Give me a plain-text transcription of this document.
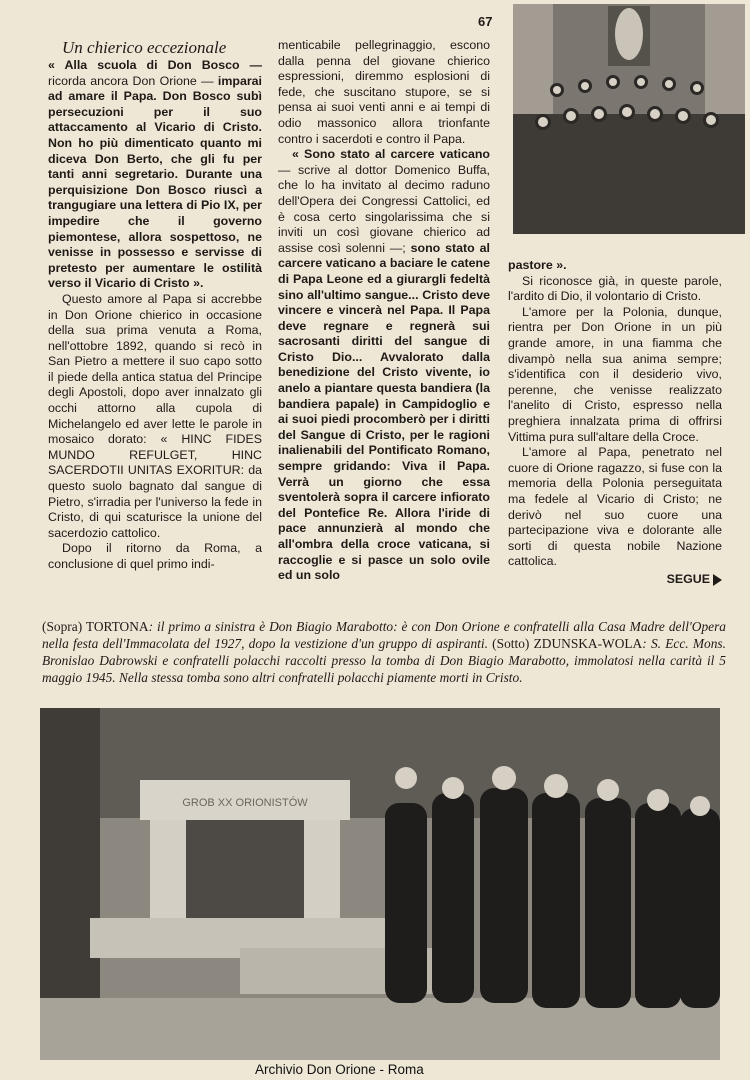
67

Un chierico eccezionale

« Alla scuola di Don Bosco — ricorda ancora Don Orione — imparai ad amare il Papa. Don Bosco subì persecuzioni per il suo attaccamento al Vicario di Cristo. Non ho più dimenticato quanto mi diceva Don Berto, che gli fu per tanti anni segretario. Durante una perquisizione Don Bosco riuscì a trangugiare una lettera di Pio IX, per impedire che il governo piemontese, allora sospettoso, ne venisse in possesso e servisse di pretesto per aumentare le ostilità verso il Vicario di Cristo ».

Questo amore al Papa si accrebbe in Don Orione chierico in occasione della sua prima venuta a Roma, nell'ottobre 1892, quando si recò in San Pietro a mettere il suo capo sotto il piede della antica statua del Principe degli Apostoli, dopo aver innalzato gli occhi attorno alla cupola di Michelangelo ed aver lette le parole in mosaico dorato: « HINC FIDES MUNDO REFULGET, HINC SACERDOTII UNITAS EXORITUR: da questo suolo bagnato dal sangue di Pietro, s'irradia per l'universo la fede in Cristo, di qui scaturisce la unione del sacerdozio cattolico.

Dopo il ritorno da Roma, a conclusione di quel primo indi-

menticabile pellegrinaggio, escono dalla penna del giovane chierico espressioni, diremmo esplosioni di fede, che suscitano stupore, se si pensa ai suoi venti anni e ai tempi di odio massonico allora trionfante contro i sacerdoti e contro il Papa.

« Sono stato al carcere vaticano — scrive al dottor Domenico Buffa, che lo ha invitato al decimo raduno dell'Opera dei Congressi Cattolici, ed è cosa certo singolarissima che si inviti un così giovane chierico ad assise così solenni —; sono stato al carcere vaticano a baciare le catene di Papa Leone ed a giurargli fedeltà sino all'ultimo sangue... Cristo deve vincere e vincerà nel Papa. Il Papa deve regnare e regnerà sui sacrosanti diritti del sangue di Cristo Dio... Avvalorato dalla benedizione del Cristo vivente, io anelo a piantare questa bandiera (la bandiera papale) in Campidoglio e ai suoi piedi procomberò per i diritti del Sangue di Cristo, per le ragioni inalienabili del Pontificato Romano, sempre gridando: Viva il Papa. Verrà un giorno che essa sventolerà sopra il carcere infiorato del Pontefice Re. Allora l'iride di pace annunzierà al mondo che all'ombra della croce vaticana, si raccoglie e si pasce un solo ovile ed un solo

pastore ».

Si riconosce già, in queste parole, l'ardito di Dio, il volontario di Cristo.

L'amore per la Polonia, dunque, rientra per Don Orione in un più grande amore, in una fiamma che divampò nella sua anima sempre; s'identifica con il desiderio vivo, perenne, che venisse realizzato l'anelito di Cristo, espresso nella preghiera innalzata prima di offrirsi Vittima pura sull'altare della Croce.

L'amore al Papa, penetrato nel cuore di Orione ragazzo, si fuse con la memoria della Polonia perseguitata ma fedele al Vicario di Cristo; ne derivò nel suo cuore una partecipazione viva e dolorante alle sorti di questa nobile Nazione cattolica.

SEGUE
(Sopra) TORTONA: il primo a sinistra è Don Biagio Marabotto: è con Don Orione e confratelli alla Casa Madre dell'Opera nella festa dell'Immacolata del 1927, dopo la vestizione d'un gruppo di aspiranti. (Sotto) ZDUNSKA-WOLA: S. Ecc. Mons. Bronislao Dabrowski e confratelli polacchi raccolti presso la tomba di Don Biagio Marabotto, immolatosi nella carità il 5 maggio 1945. Nella stessa tomba sono altri confratelli polacchi piamente morti in Cristo.
GROB XX ORIONISTÓW
Archivio Don Orione - Roma
